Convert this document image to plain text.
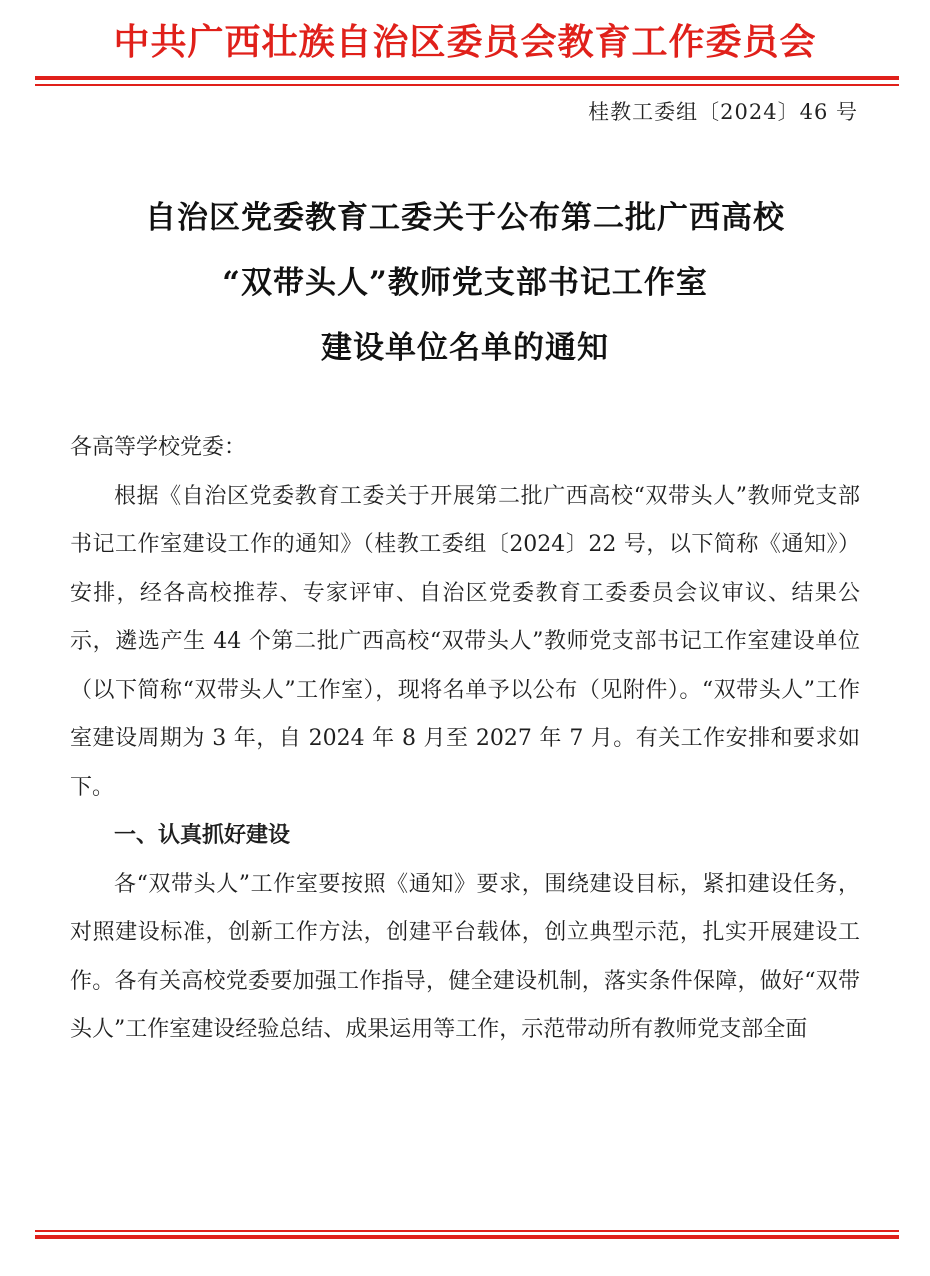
中共广西壮族自治区委员会教育工作委员会
桂教工委组〔2024〕46 号
自治区党委教育工委关于公布第二批广西高校
“双带头人”教师党支部书记工作室
建设单位名单的通知

各高等学校党委：

根据《自治区党委教育工委关于开展第二批广西高校“双带头人”教师党支部书记工作室建设工作的通知》（桂教工委组〔2024〕22 号，以下简称《通知》）安排，经各高校推荐、专家评审、自治区党委教育工委委员会议审议、结果公示，遴选产生 44 个第二批广西高校“双带头人”教师党支部书记工作室建设单位（以下简称“双带头人”工作室），现将名单予以公布（见附件）。“双带头人”工作室建设周期为 3 年，自 2024 年 8 月至 2027 年 7 月。有关工作安排和要求如下。

一、认真抓好建设

各“双带头人”工作室要按照《通知》要求，围绕建设目标，紧扣建设任务，对照建设标准，创新工作方法，创建平台载体，创立典型示范，扎实开展建设工作。各有关高校党委要加强工作指导，健全建设机制，落实条件保障，做好“双带头人”工作室建设经验总结、成果运用等工作，示范带动所有教师党支部全面
